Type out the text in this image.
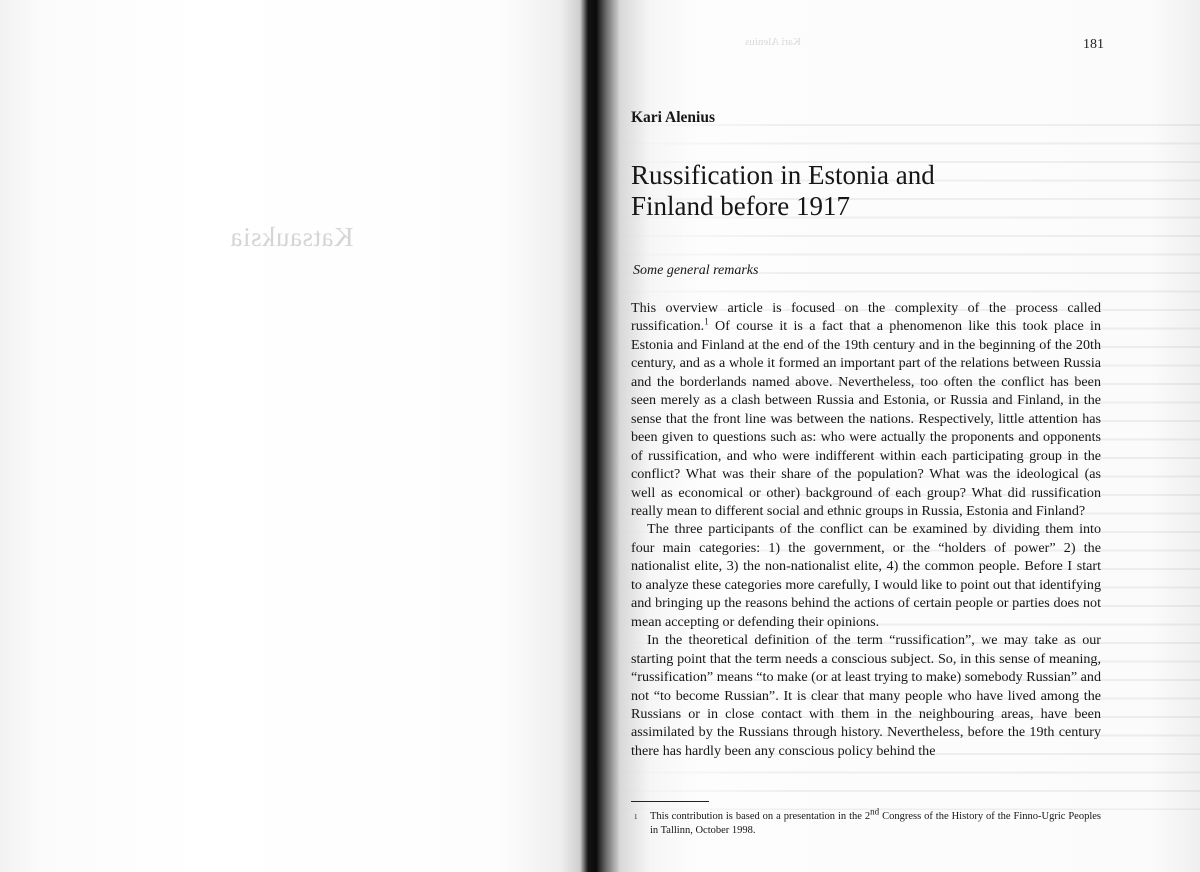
Katsauksia
Kari Alenius	181
Kari Alenius
Russification in Estonia and
Finland before 1917
Some general remarks

This overview article is focused on the complexity of the process called russification.$^1$ Of course it is a fact that a phenomenon like this took place in Estonia and Finland at the end of the 19th century and in the beginning of the 20th century, and as a whole it formed an important part of the relations between Russia and the borderlands named above. Nevertheless, too often the conflict has been seen merely as a clash between Russia and Estonia, or Russia and Finland, in the sense that the front line was between the nations. Respectively, little attention has been given to questions such as: who were actually the proponents and opponents of russification, and who were indifferent within each participating group in the conflict? What was their share of the population? What was the ideological (as well as economical or other) background of each group? What did russification really mean to different social and ethnic groups in Russia, Estonia and Finland?

The three participants of the conflict can be examined by dividing them into four main categories: 1) the government, or the “holders of power” 2) the nationalist elite, 3) the non-nationalist elite, 4) the common people. Before I start to analyze these categories more carefully, I would like to point out that identifying and bringing up the reasons behind the actions of certain people or parties does not mean accepting or defending their opinions.

In the theoretical definition of the term “russification”, we may take as our starting point that the term needs a conscious subject. So, in this sense of meaning, “russification” means “to make (or at least trying to make) somebody Russian” and not “to become Russian”. It is clear that many people who have lived among the Russians or in close contact with them in the neighbouring areas, have been assimilated by the Russians through history. Nevertheless, before the 19th century there has hardly been any conscious policy behind the

1	This contribution is based on a presentation in the 2nd Congress of the History of the Finno-Ugric Peoples in Tallinn, October 1998.
